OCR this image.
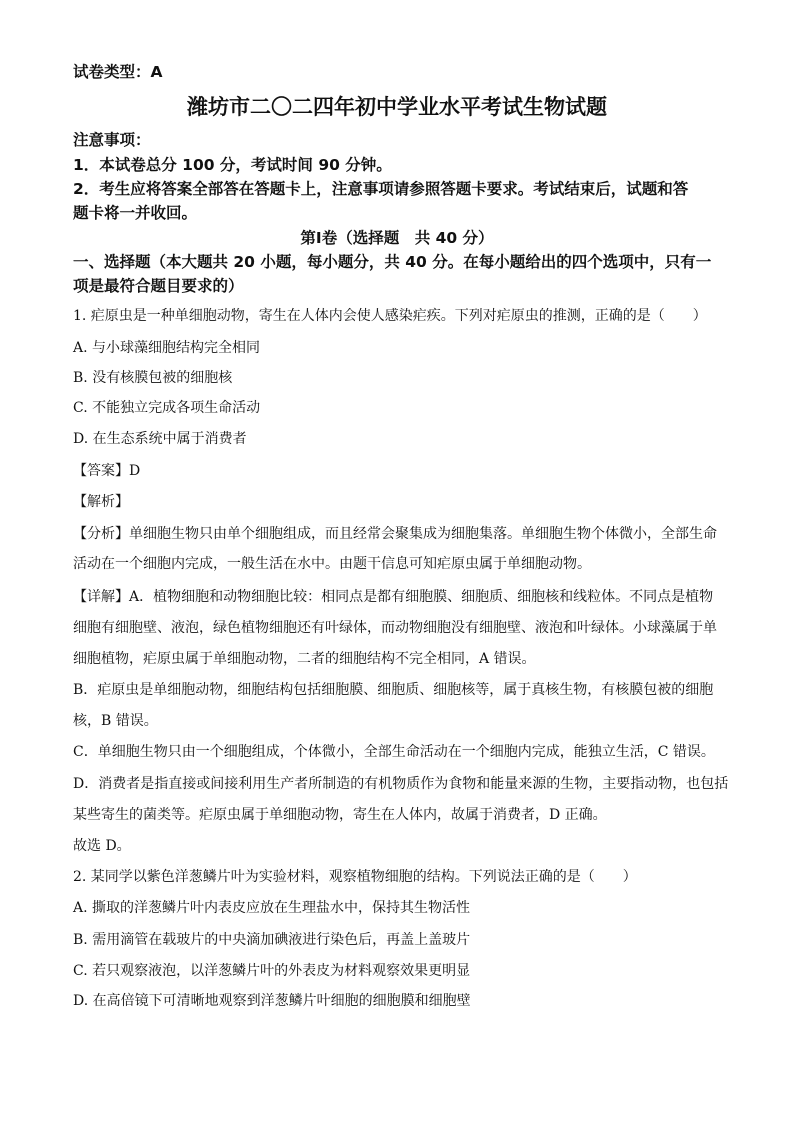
试卷类型：A
潍坊市二〇二四年初中学业水平考试生物试题
注意事项：
1．本试卷总分 100 分，考试时间 90 分钟。
2．考生应将答案全部答在答题卡上，注意事项请参照答题卡要求。考试结束后，试题和答
题卡将一并收回。
第Ⅰ卷（选择题　共 40 分）
一、选择题（本大题共 20 小题，每小题分，共 40 分。在每小题给出的四个选项中，只有一
项是最符合题目要求的）
1. 疟原虫是一种单细胞动物，寄生在人体内会使人感染疟疾。下列对疟原虫的推测，正确的是（　　）
A. 与小球藻细胞结构完全相同
B. 没有核膜包被的细胞核
C. 不能独立完成各项生命活动
D. 在生态系统中属于消费者
【答案】D
【解析】
【分析】单细胞生物只由单个细胞组成，而且经常会聚集成为细胞集落。单细胞生物个体微小，全部生命
活动在一个细胞内完成，一般生活在水中。由题干信息可知疟原虫属于单细胞动物。
【详解】A．植物细胞和动物细胞比较：相同点是都有细胞膜、细胞质、细胞核和线粒体。不同点是植物
细胞有细胞壁、液泡，绿色植物细胞还有叶绿体，而动物细胞没有细胞壁、液泡和叶绿体。小球藻属于单
细胞植物，疟原虫属于单细胞动物，二者的细胞结构不完全相同，A 错误。
B．疟原虫是单细胞动物，细胞结构包括细胞膜、细胞质、细胞核等，属于真核生物，有核膜包被的细胞
核，B 错误。
C．单细胞生物只由一个细胞组成，个体微小，全部生命活动在一个细胞内完成，能独立生活，C 错误。
D．消费者是指直接或间接利用生产者所制造的有机物质作为食物和能量来源的生物，主要指动物，也包括
某些寄生的菌类等。疟原虫属于单细胞动物，寄生在人体内，故属于消费者，D 正确。
故选 D。
2. 某同学以紫色洋葱鳞片叶为实验材料，观察植物细胞的结构。下列说法正确的是（　　）
A. 撕取的洋葱鳞片叶内表皮应放在生理盐水中，保持其生物活性
B. 需用滴管在载玻片的中央滴加碘液进行染色后，再盖上盖玻片
C. 若只观察液泡，以洋葱鳞片叶的外表皮为材料观察效果更明显
D. 在高倍镜下可清晰地观察到洋葱鳞片叶细胞的细胞膜和细胞壁
